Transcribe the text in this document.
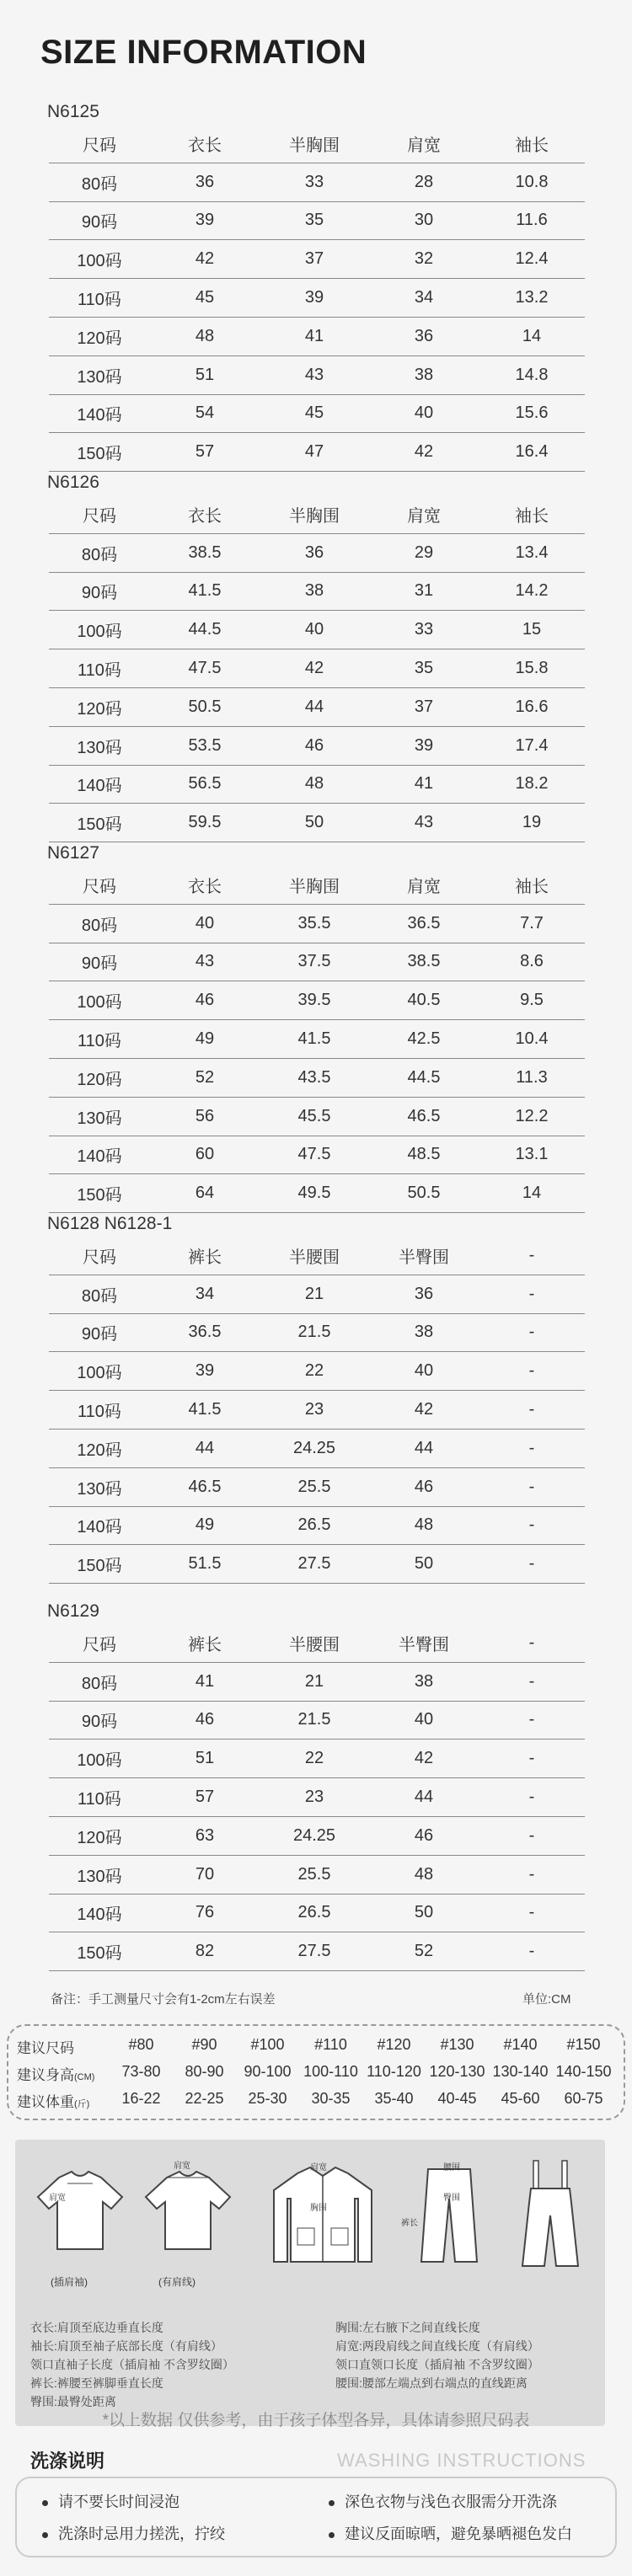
SIZE INFORMATION
N6125
尺码	衣长	半胸围	肩宽	袖长
80码	36	33	28	10.8
90码	39	35	30	11.6
100码	42	37	32	12.4
110码	45	39	34	13.2
120码	48	41	36	14
130码	51	43	38	14.8
140码	54	45	40	15.6
150码	57	47	42	16.4
N6126
尺码	衣长	半胸围	肩宽	袖长
80码	38.5	36	29	13.4
90码	41.5	38	31	14.2
100码	44.5	40	33	15
110码	47.5	42	35	15.8
120码	50.5	44	37	16.6
130码	53.5	46	39	17.4
140码	56.5	48	41	18.2
150码	59.5	50	43	19
N6127
尺码	衣长	半胸围	肩宽	袖长
80码	40	35.5	36.5	7.7
90码	43	37.5	38.5	8.6
100码	46	39.5	40.5	9.5
110码	49	41.5	42.5	10.4
120码	52	43.5	44.5	11.3
130码	56	45.5	46.5	12.2
140码	60	47.5	48.5	13.1
150码	64	49.5	50.5	14
N6128 N6128-1
尺码	裤长	半腰围	半臀围	-
80码	34	21	36	-
90码	36.5	21.5	38	-
100码	39	22	40	-
110码	41.5	23	42	-
120码	44	24.25	44	-
130码	46.5	25.5	46	-
140码	49	26.5	48	-
150码	51.5	27.5	50	-
N6129
尺码	裤长	半腰围	半臀围	-
80码	41	21	38	-
90码	46	21.5	40	-
100码	51	22	42	-
110码	57	23	44	-
120码	63	24.25	46	-
130码	70	25.5	48	-
140码	76	26.5	50	-
150码	82	27.5	52	-
备注：手工测量尺寸会有1-2cm左右误差	单位:CM
建议尺码	#80	#90	#100	#110	#120	#130	#140	#150
建议身高(CM)	73-80	80-90	90-100 100-110 110-120 120-130 130-140 140-150
建议体重(斤)	16-22	22-25	25-30	30-35	35-40	40-45	45-60	60-75
肩宽
(插肩袖)
肩宽
(有肩线)
肩宽
胸围
腰围
臀围
裤长
衣长:肩顶至底边垂直长度
袖长:肩顶至袖子底部长度（有肩线）
领口直袖子长度（插肩袖 不含罗纹圈）
裤长:裤腰至裤脚垂直长度
臀围:最臀处距离
胸围:左右腋下之间直线长度
肩宽:两段肩线之间直线长度（有肩线）
领口直领口长度（插肩袖 不含罗纹圈）
腰围:腰部左端点到右端点的直线距离
*以上数据 仅供参考，由于孩子体型各异，具体请参照尺码表
洗涤说明	WASHING INSTRUCTIONS
请不要长时间浸泡	深色衣物与浅色衣服需分开洗涤
洗涤时忌用力搓洗，拧绞	建议反面晾晒，避免暴晒褪色发白
